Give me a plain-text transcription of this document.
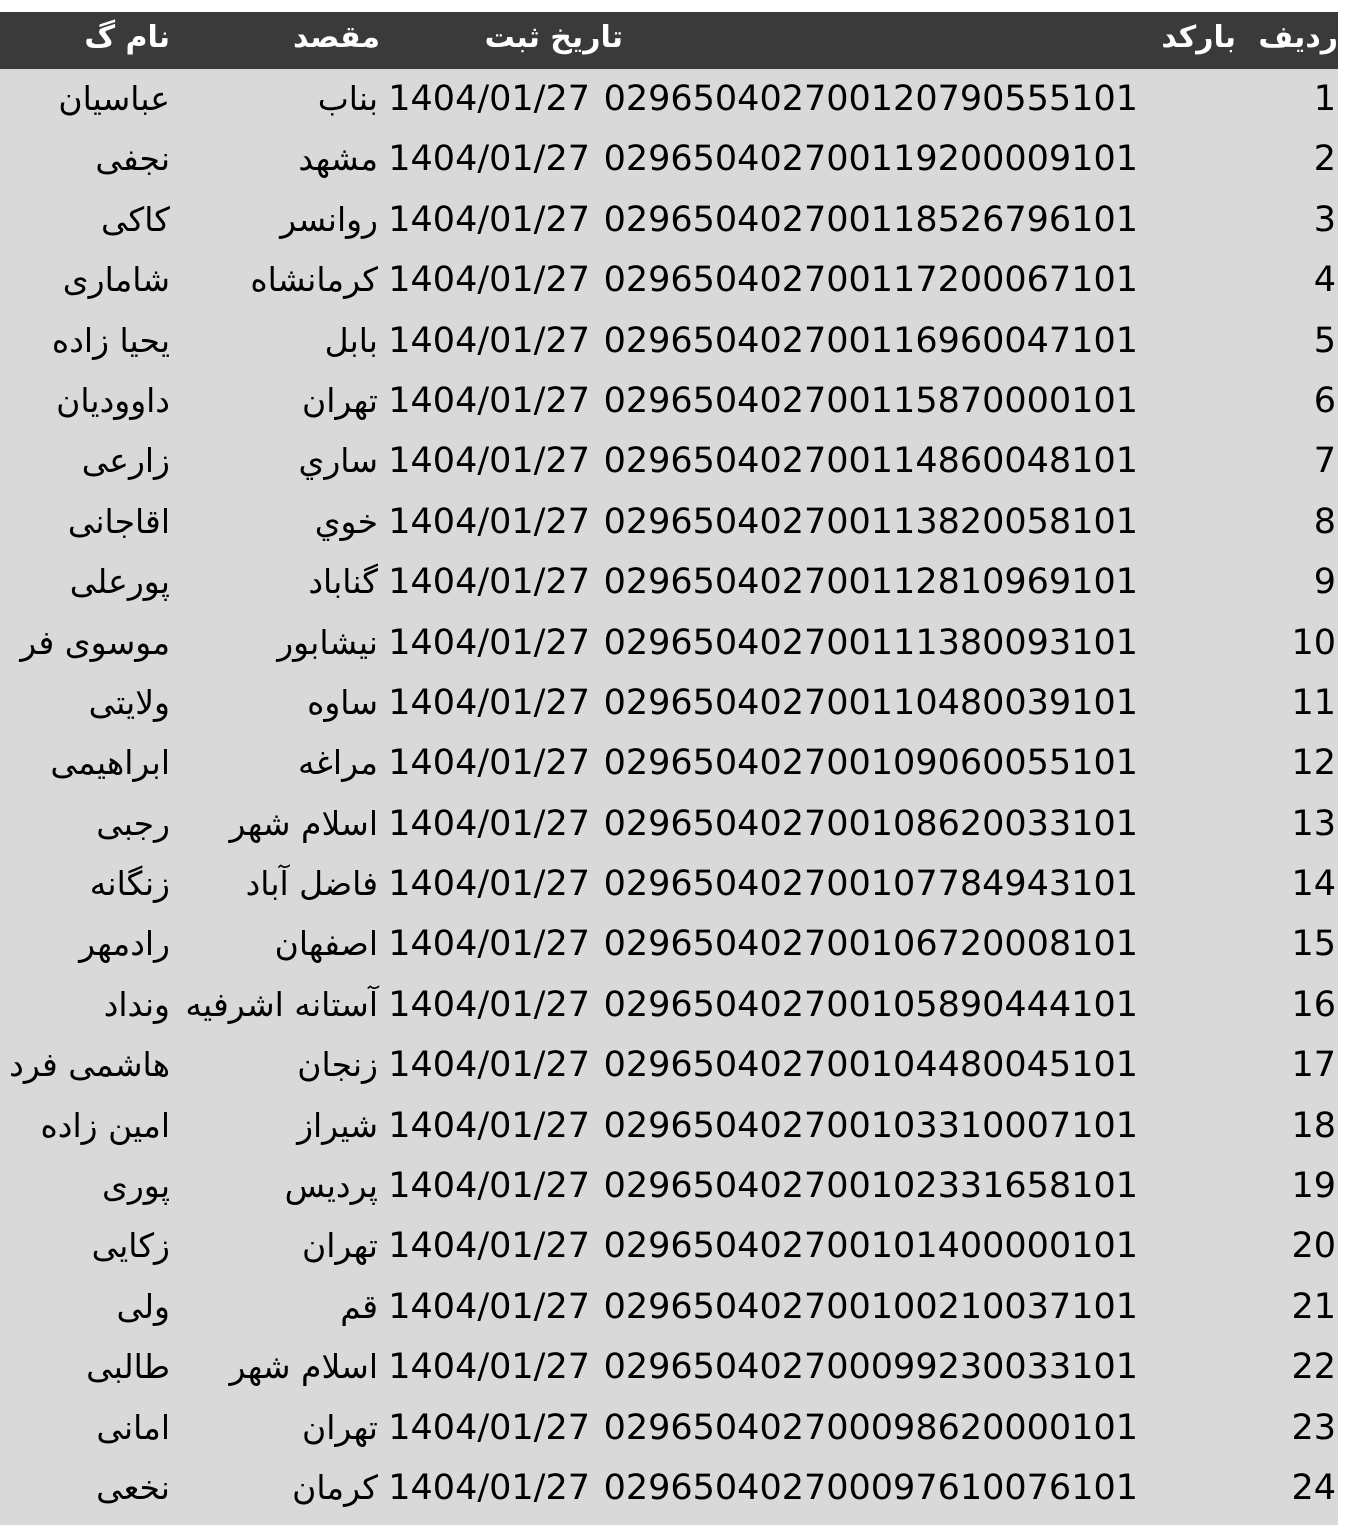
ردیف
بارکد
تاریخ ثبت
مقصد
نام گ
1
029650402700120790555101
1404/01/27
بناب
عباسیان
2
029650402700119200009101
1404/01/27
مشهد
نجفی
3
029650402700118526796101
1404/01/27
روانسر
کاکی
4
029650402700117200067101
1404/01/27
کرمانشاه
شاماری
5
029650402700116960047101
1404/01/27
بابل
یحیا زاده
6
029650402700115870000101
1404/01/27
تهران
داوودیان
7
029650402700114860048101
1404/01/27
ساري
زارعی
8
029650402700113820058101
1404/01/27
خوي
اقاجانی
9
029650402700112810969101
1404/01/27
گناباد
پورعلی
10
029650402700111380093101
1404/01/27
نیشابور
موسوی فر
11
029650402700110480039101
1404/01/27
ساوه
ولایتی
12
029650402700109060055101
1404/01/27
مراغه
ابراهیمی
13
029650402700108620033101
1404/01/27
اسلام شهر
رجبی
14
029650402700107784943101
1404/01/27
فاضل آباد
زنگانه
15
029650402700106720008101
1404/01/27
اصفهان
رادمهر
16
029650402700105890444101
1404/01/27
آستانه اشرفیه
ونداد
17
029650402700104480045101
1404/01/27
زنجان
هاشمی فرد
18
029650402700103310007101
1404/01/27
شیراز
امین زاده
19
029650402700102331658101
1404/01/27
پردیس
پوری
20
029650402700101400000101
1404/01/27
تهران
زکایی
21
029650402700100210037101
1404/01/27
قم
ولی
22
029650402700099230033101
1404/01/27
اسلام شهر
طالبی
23
029650402700098620000101
1404/01/27
تهران
امانی
24
029650402700097610076101
1404/01/27
کرمان
نخعی
